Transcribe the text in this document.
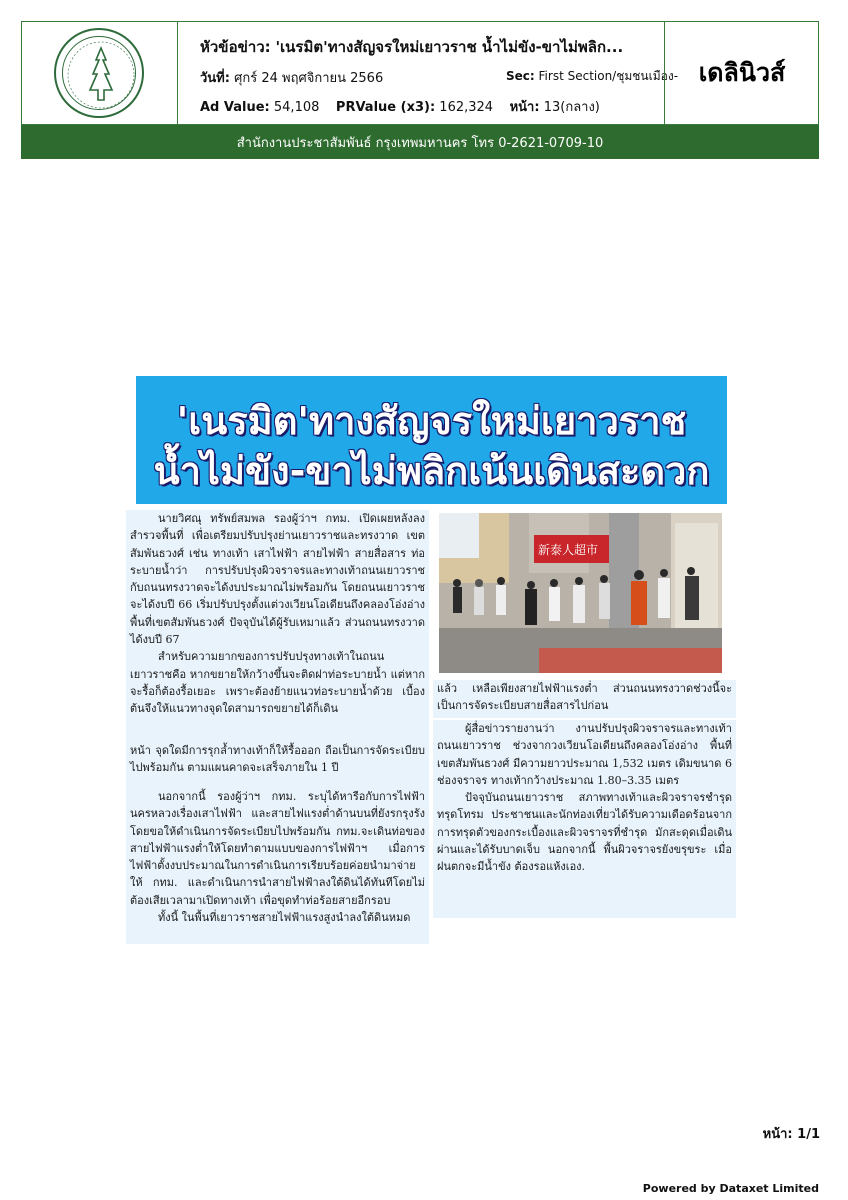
หัวข้อข่าว: 'เนรมิต'ทางสัญจรใหม่เยาวราช น้ำไม่ขัง-ขาไม่พลิก...
วันที่: ศุกร์ 24 พฤศจิกายน 2566	Sec: First Section/ชุมชนเมือง-
Ad Value: 54,108 PRValue (x3): 162,324 หน้า: 13(กลาง)
เดลินิวส์
สำนักงานประชาสัมพันธ์ กรุงเทพมหานคร โทร 0-2621-0709-10
'เนรมิต'ทางสัญจรใหม่เยาวราช
น้ำไม่ขัง-ขาไม่พลิกเน้นเดินสะดวก

นายวิศณุ ทรัพย์สมพล รองผู้ว่าฯ กทม. เปิดเผยหลังลงสำรวจพื้นที่ เพื่อเตรียมปรับปรุงย่านเยาวราชและทรงวาด เขตสัมพันธวงศ์ เช่น ทางเท้า เสาไฟฟ้า สายไฟฟ้า สายสื่อสาร ท่อระบายน้ำว่า การปรับปรุงผิวจราจรและทางเท้าถนนเยาวราช กับถนนทรงวาดจะได้งบประมาณไม่พร้อมกัน โดยถนนเยาวราชจะได้งบปี 66 เริ่มปรับปรุงตั้งแต่วงเวียนโอเดียนถึงคลองโอ่งอ่าง พื้นที่เขตสัมพันธวงศ์ ปัจจุบันได้ผู้รับเหมาแล้ว ส่วนถนนทรงวาดได้งบปี 67

สำหรับความยากของการปรับปรุงทางเท้าในถนนเยาวราชคือ หากขยายให้กว้างขึ้นจะติดฝาท่อระบายน้ำ แต่หากจะรื้อก็ต้องรื้อเยอะ เพราะต้องย้ายแนวท่อระบายน้ำด้วย เบื้องต้นจึงให้แนวทางจุดใดสามารถขยายได้ก็เดิน

หน้า จุดใดมีการรุกล้ำทางเท้าก็ให้รื้อออก ถือเป็นการจัดระเบียบไปพร้อมกัน ตามแผนคาดจะเสร็จภายใน 1 ปี

นอกจากนี้ รองผู้ว่าฯ กทม. ระบุได้หารือกับการไฟฟ้านครหลวงเรื่องเสาไฟฟ้า และสายไฟแรงต่ำด้านบนที่ยังรกรุงรัง โดยขอให้ดำเนินการจัดระเบียบไปพร้อมกัน กทม.จะเดินท่อของสายไฟฟ้าแรงต่ำให้โดยทำตามแบบของการไฟฟ้าฯ เมื่อการไฟฟ้าตั้งงบประมาณในการดำเนินการเรียบร้อยค่อยนำมาจ่ายให้ กทม. และดำเนินการนำสายไฟฟ้าลงใต้ดินได้ทันทีโดยไม่ต้องเสียเวลามาเปิดทางเท้า เพื่อขุดทำท่อร้อยสายอีกรอบ

ทั้งนี้ ในพื้นที่เยาวราชสายไฟฟ้าแรงสูงนำลงใต้ดินหมด

新泰人超市

แล้ว เหลือเพียงสายไฟฟ้าแรงต่ำ ส่วนถนนทรงวาดช่วงนี้จะเป็นการจัดระเบียบสายสื่อสารไปก่อน

ผู้สื่อข่าวรายงานว่า งานปรับปรุงผิวจราจรและทางเท้าถนนเยาวราช ช่วงจากวงเวียนโอเดียนถึงคลองโอ่งอ่าง พื้นที่เขตสัมพันธวงศ์ มีความยาวประมาณ 1,532 เมตร เดิมขนาด 6 ช่องจราจร ทางเท้ากว้างประมาณ 1.80–3.35 เมตร

ปัจจุบันถนนเยาวราช สภาพทางเท้าและผิวจราจรชำรุดทรุดโทรม ประชาชนและนักท่องเที่ยวได้รับความเดือดร้อนจากการทรุดตัวของกระเบื้องและผิวจราจรที่ชำรุด มักสะดุดเมื่อเดินผ่านและได้รับบาดเจ็บ นอกจากนี้ พื้นผิวจราจรยังขรุขระ เมื่อฝนตกจะมีน้ำขัง ต้องรอแห้งเอง.

หน้า: 1/1
Powered by Dataxet Limited
